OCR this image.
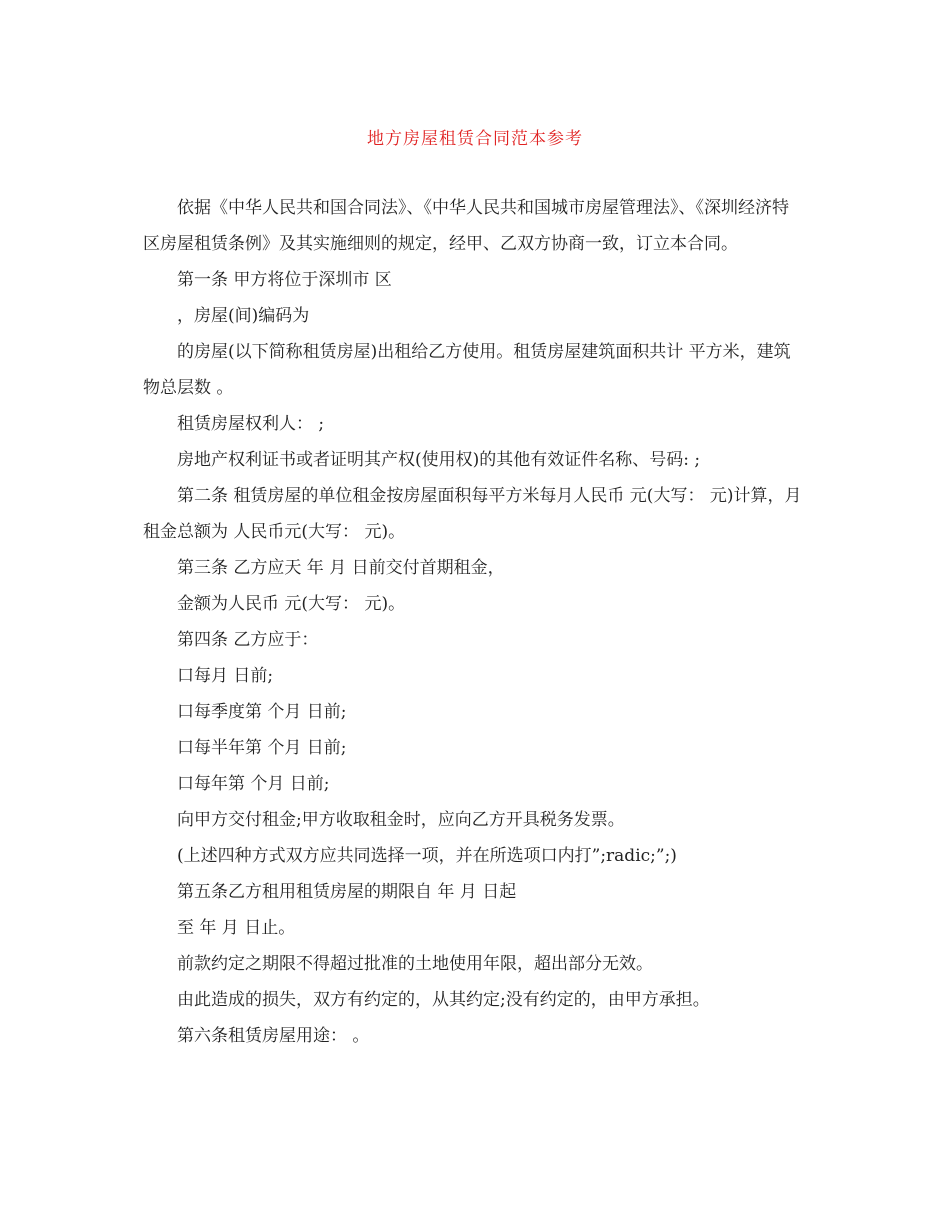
地方房屋租赁合同范本参考

依据《中华人民共和国合同法》、《中华人民共和国城市房屋管理法》、《深圳经济特区房屋租赁条例》及其实施细则的规定，经甲、乙双方协商一致，订立本合同。

第一条 甲方将位于深圳市 区

，房屋(间)编码为

的房屋(以下简称租赁房屋)出租给乙方使用。租赁房屋建筑面积共计 平方米，建筑物总层数 。

租赁房屋权利人： ;

房地产权利证书或者证明其产权(使用权)的其他有效证件名称、号码: ;

第二条 租赁房屋的单位租金按房屋面积每平方米每月人民币 元(大写： 元)计算，月租金总额为 人民币元(大写： 元)。

第三条 乙方应天 年 月 日前交付首期租金，

金额为人民币 元(大写： 元)。

第四条 乙方应于：

口每月 日前;

口每季度第 个月 日前;

口每半年第 个月 日前;

口每年第 个月 日前;

向甲方交付租金;甲方收取租金时，应向乙方开具税务发票。

(上述四种方式双方应共同选择一项，并在所选项口内打”;radic;”;)

第五条乙方租用租赁房屋的期限自 年 月 日起

至 年 月 日止。

前款约定之期限不得超过批准的土地使用年限，超出部分无效。

由此造成的损失，双方有约定的，从其约定;没有约定的，由甲方承担。

第六条租赁房屋用途： 。
